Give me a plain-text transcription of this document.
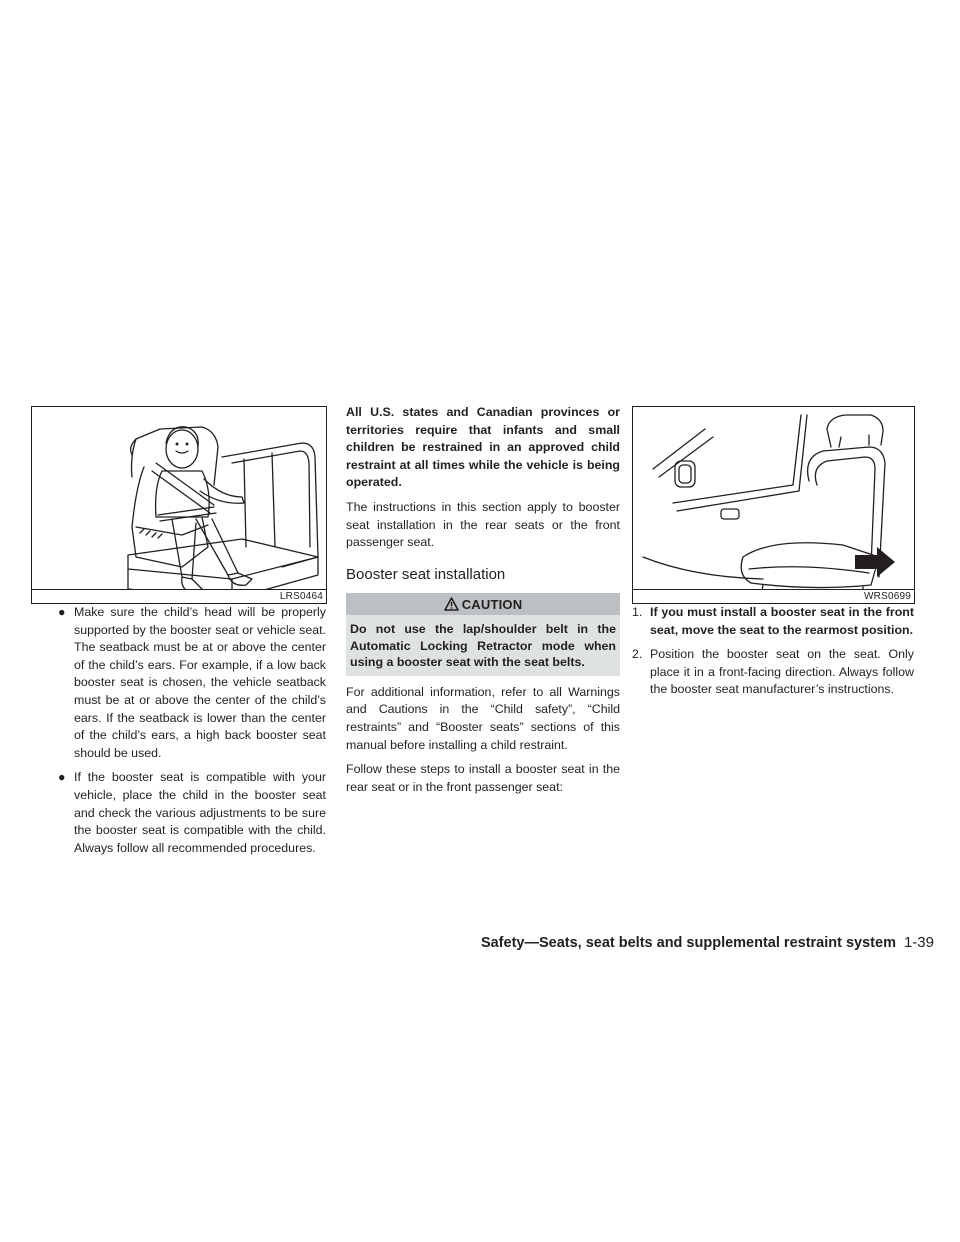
LRS0464
● Make sure the child’s head will be properly supported by the booster seat or vehicle seat. The seatback must be at or above the center of the child’s ears. For example, if a low back booster seat is chosen, the vehicle seatback must be at or above the center of the child’s ears. If the seatback is lower than the center of the child’s ears, a high back booster seat should be used.
● If the booster seat is compatible with your vehicle, place the child in the booster seat and check the various adjustments to be sure the booster seat is compatible with the child. Always follow all recommended procedures.

All U.S. states and Canadian provinces or territories require that infants and small children be restrained in an approved child restraint at all times while the vehicle is being operated.

The instructions in this section apply to booster seat installation in the rear seats or the front passenger seat.

Booster seat installation
CAUTION
Do not use the lap/shoulder belt in the Automatic Locking Retractor mode when using a booster seat with the seat belts.

For additional information, refer to all Warnings and Cautions in the “Child safety”, “Child restraints” and “Booster seats” sections of this manual before installing a child restraint.

Follow these steps to install a booster seat in the rear seat or in the front passenger seat:

WRS0699
1. If you must install a booster seat in the front seat, move the seat to the rearmost position.
2. Position the booster seat on the seat. Only place it in a front-facing direction. Always follow the booster seat manufacturer’s instructions.
Safety—Seats, seat belts and supplemental restraint system 1-39
